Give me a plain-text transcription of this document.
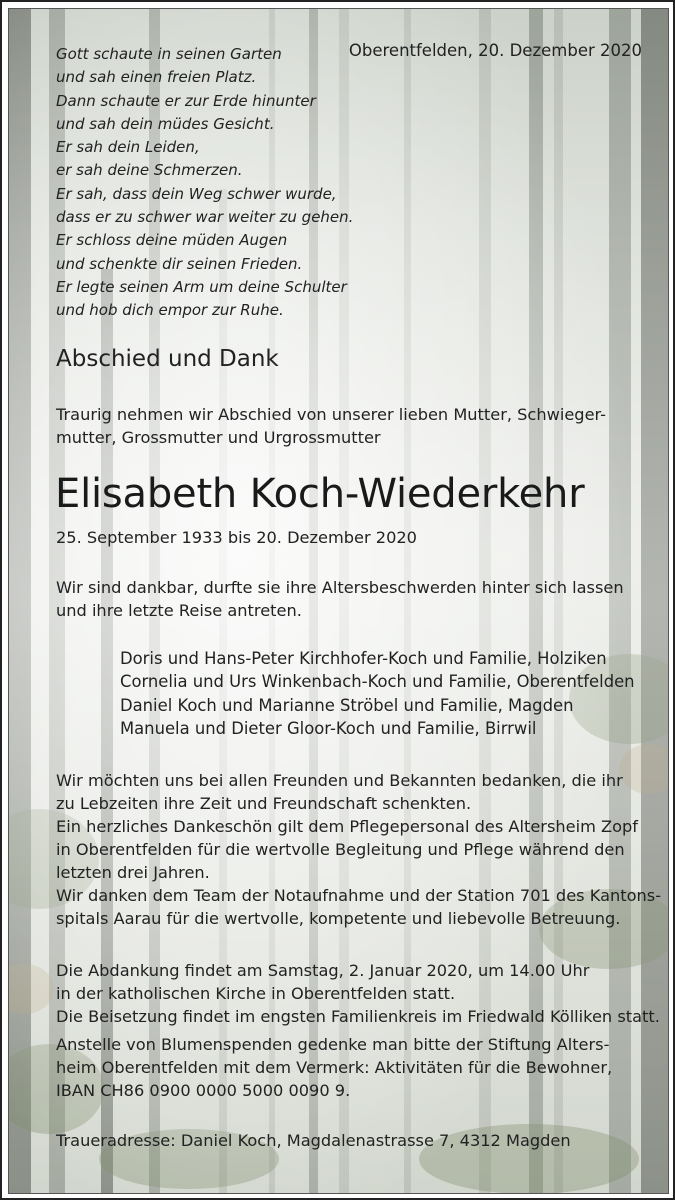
Gott schaute in seinen Garten
und sah einen freien Platz.
Dann schaute er zur Erde hinunter
und sah dein müdes Gesicht.
Er sah dein Leiden,
er sah deine Schmerzen.
Er sah, dass dein Weg schwer wurde,
dass er zu schwer war weiter zu gehen.
Er schloss deine müden Augen
und schenkte dir seinen Frieden.
Er legte seinen Arm um deine Schulter
und hob dich empor zur Ruhe.

Oberentfelden, 20. Dezember 2020
Abschied und Dank
Traurig nehmen wir Abschied von unserer lieben Mutter, Schwieger-
mutter, Grossmutter und Urgrossmutter
Elisabeth Koch-Wiederkehr
25. September 1933 bis 20. Dezember 2020
Wir sind dankbar, durfte sie ihre Altersbeschwerden hinter sich lassen
und ihre letzte Reise antreten.
Doris und Hans-Peter Kirchhofer-Koch und Familie, Holziken
Cornelia und Urs Winkenbach-Koch und Familie, Oberentfelden
Daniel Koch und Marianne Ströbel und Familie, Magden
Manuela und Dieter Gloor-Koch und Familie, Birrwil
Wir möchten uns bei allen Freunden und Bekannten bedanken, die ihr
zu Lebzeiten ihre Zeit und Freundschaft schenkten.
Ein herzliches Dankeschön gilt dem Pflegepersonal des Altersheim Zopf
in Oberentfelden für die wertvolle Begleitung und Pflege während den
letzten drei Jahren.
Wir danken dem Team der Notaufnahme und der Station 701 des Kantons-
spitals Aarau für die wertvolle, kompetente und liebevolle Betreuung.
Die Abdankung findet am Samstag, 2. Januar 2020, um 14.00 Uhr
in der katholischen Kirche in Oberentfelden statt.
Die Beisetzung findet im engsten Familienkreis im Friedwald Kölliken statt.
Anstelle von Blumenspenden gedenke man bitte der Stiftung Alters-
heim Oberentfelden mit dem Vermerk: Aktivitäten für die Bewohner,
IBAN CH86 0900 0000 5000 0090 9.
Traueradresse: Daniel Koch, Magdalenastrasse 7, 4312 Magden
